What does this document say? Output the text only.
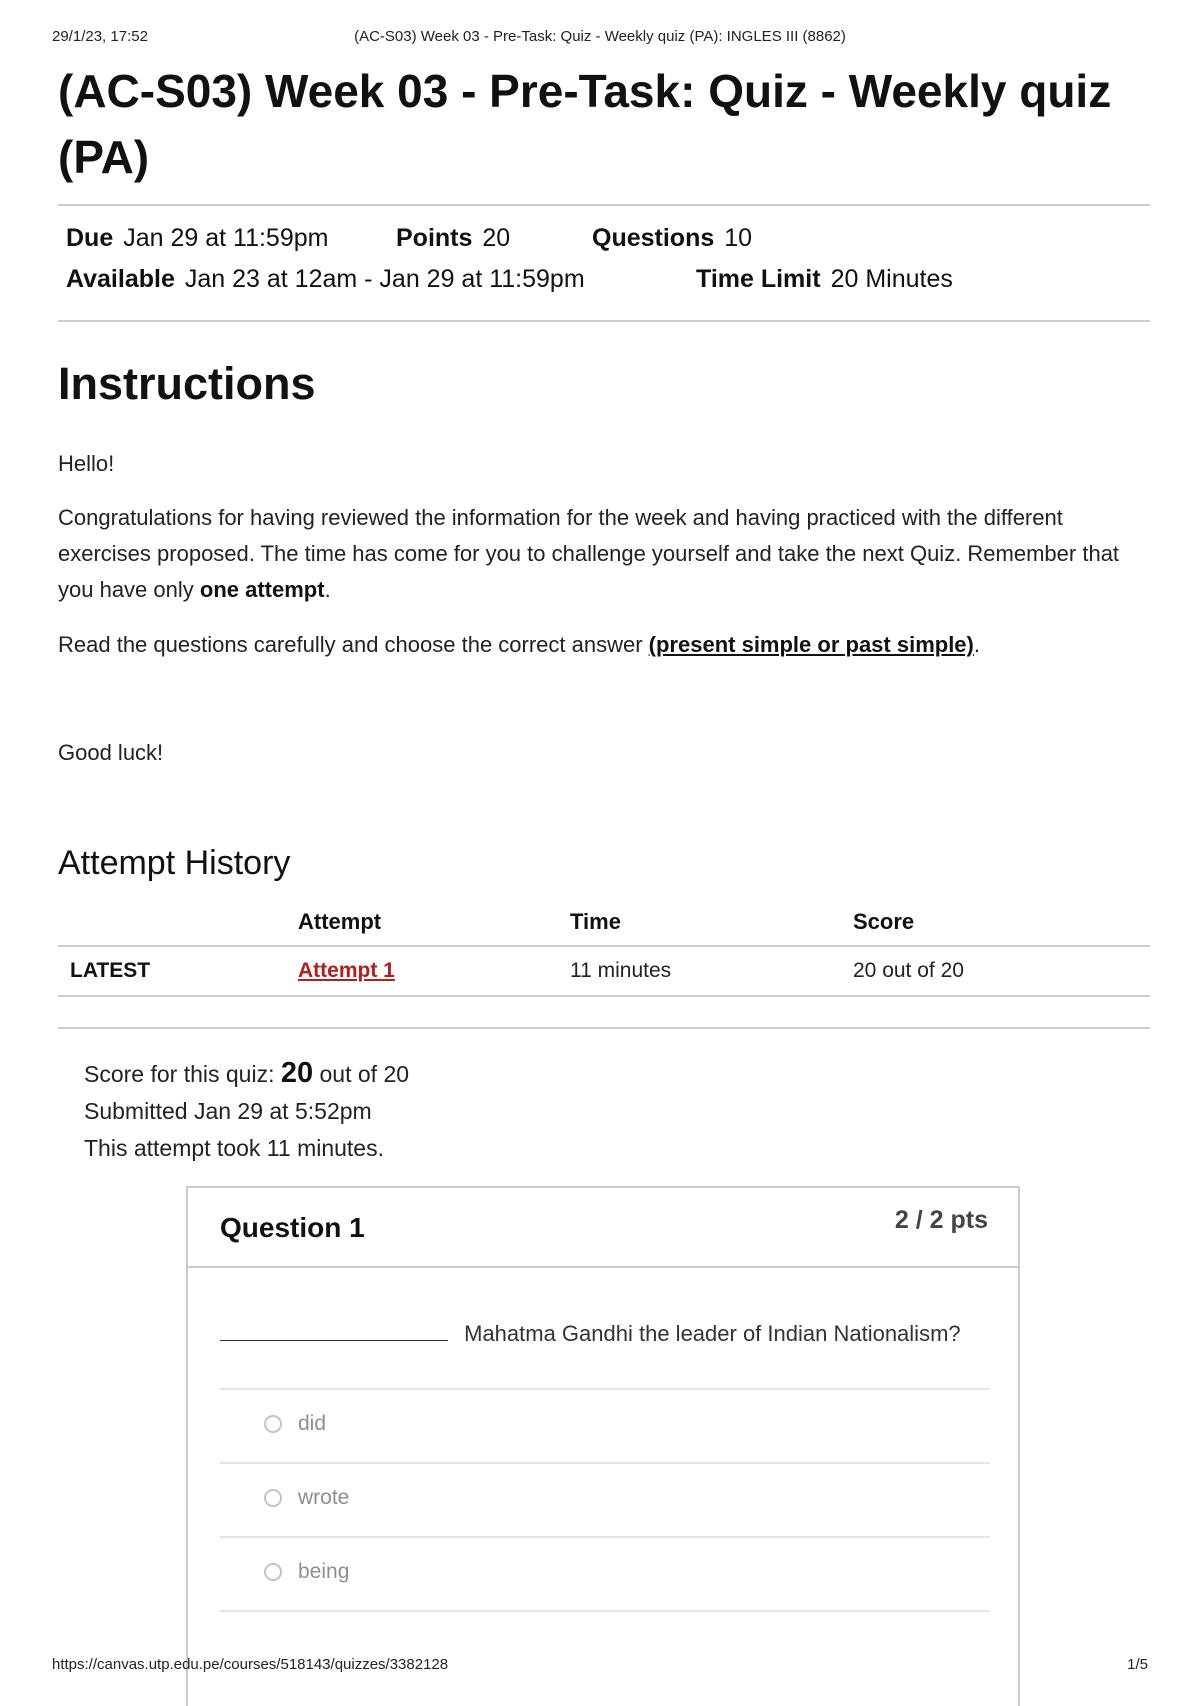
29/1/23, 17:52	(AC-S03) Week 03 - Pre-Task: Quiz - Weekly quiz (PA): INGLES III (8862)
(AC-S03) Week 03 - Pre-Task: Quiz - Weekly quiz (PA)
Due Jan 29 at 11:59pm	Points 20	Questions 10
Available Jan 23 at 12am - Jan 29 at 11:59pm	Time Limit 20 Minutes
Instructions

Hello!

Congratulations for having reviewed the information for the week and having practiced with the different exercises proposed. The time has come for you to challenge yourself and take the next Quiz. Remember that you have only one attempt.

Read the questions carefully and choose the correct answer (present simple or past simple).

Good luck!

Attempt History
	Attempt	Time	Score
LATEST	Attempt 1	11 minutes	20 out of 20
Score for this quiz: 20 out of 20
Submitted Jan 29 at 5:52pm
This attempt took 11 minutes.
Question 1	2 / 2 pts
Mahatma Gandhi the leader of Indian Nationalism?
did
wrote
being
https://canvas.utp.edu.pe/courses/518143/quizzes/3382128	1/5
